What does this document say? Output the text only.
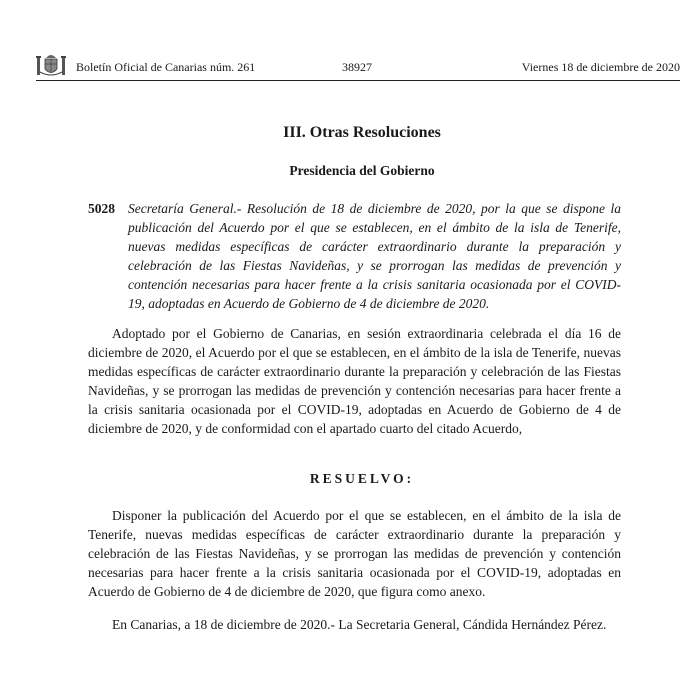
Boletín Oficial de Canarias núm. 261	38927	Viernes 18 de diciembre de 2020
III. Otras Resoluciones
Presidencia del Gobierno
5028 Secretaría General.- Resolución de 18 de diciembre de 2020, por la que se dispone la publicación del Acuerdo por el que se establecen, en el ámbito de la isla de Tenerife, nuevas medidas específicas de carácter extraordinario durante la preparación y celebración de las Fiestas Navideñas, y se prorrogan las medidas de prevención y contención necesarias para hacer frente a la crisis sanitaria ocasionada por el COVID-19, adoptadas en Acuerdo de Gobierno de 4 de diciembre de 2020.

Adoptado por el Gobierno de Canarias, en sesión extraordinaria celebrada el día 16 de diciembre de 2020, el Acuerdo por el que se establecen, en el ámbito de la isla de Tenerife, nuevas medidas específicas de carácter extraordinario durante la preparación y celebración de las Fiestas Navideñas, y se prorrogan las medidas de prevención y contención necesarias para hacer frente a la crisis sanitaria ocasionada por el COVID-19, adoptadas en Acuerdo de Gobierno de 4 de diciembre de 2020, y de conformidad con el apartado cuarto del citado Acuerdo,

RESUELVO:

Disponer la publicación del Acuerdo por el que se establecen, en el ámbito de la isla de Tenerife, nuevas medidas específicas de carácter extraordinario durante la preparación y celebración de las Fiestas Navideñas, y se prorrogan las medidas de prevención y contención necesarias para hacer frente a la crisis sanitaria ocasionada por el COVID-19, adoptadas en Acuerdo de Gobierno de 4 de diciembre de 2020, que figura como anexo.

En Canarias, a 18 de diciembre de 2020.- La Secretaria General, Cándida Hernández Pérez.
